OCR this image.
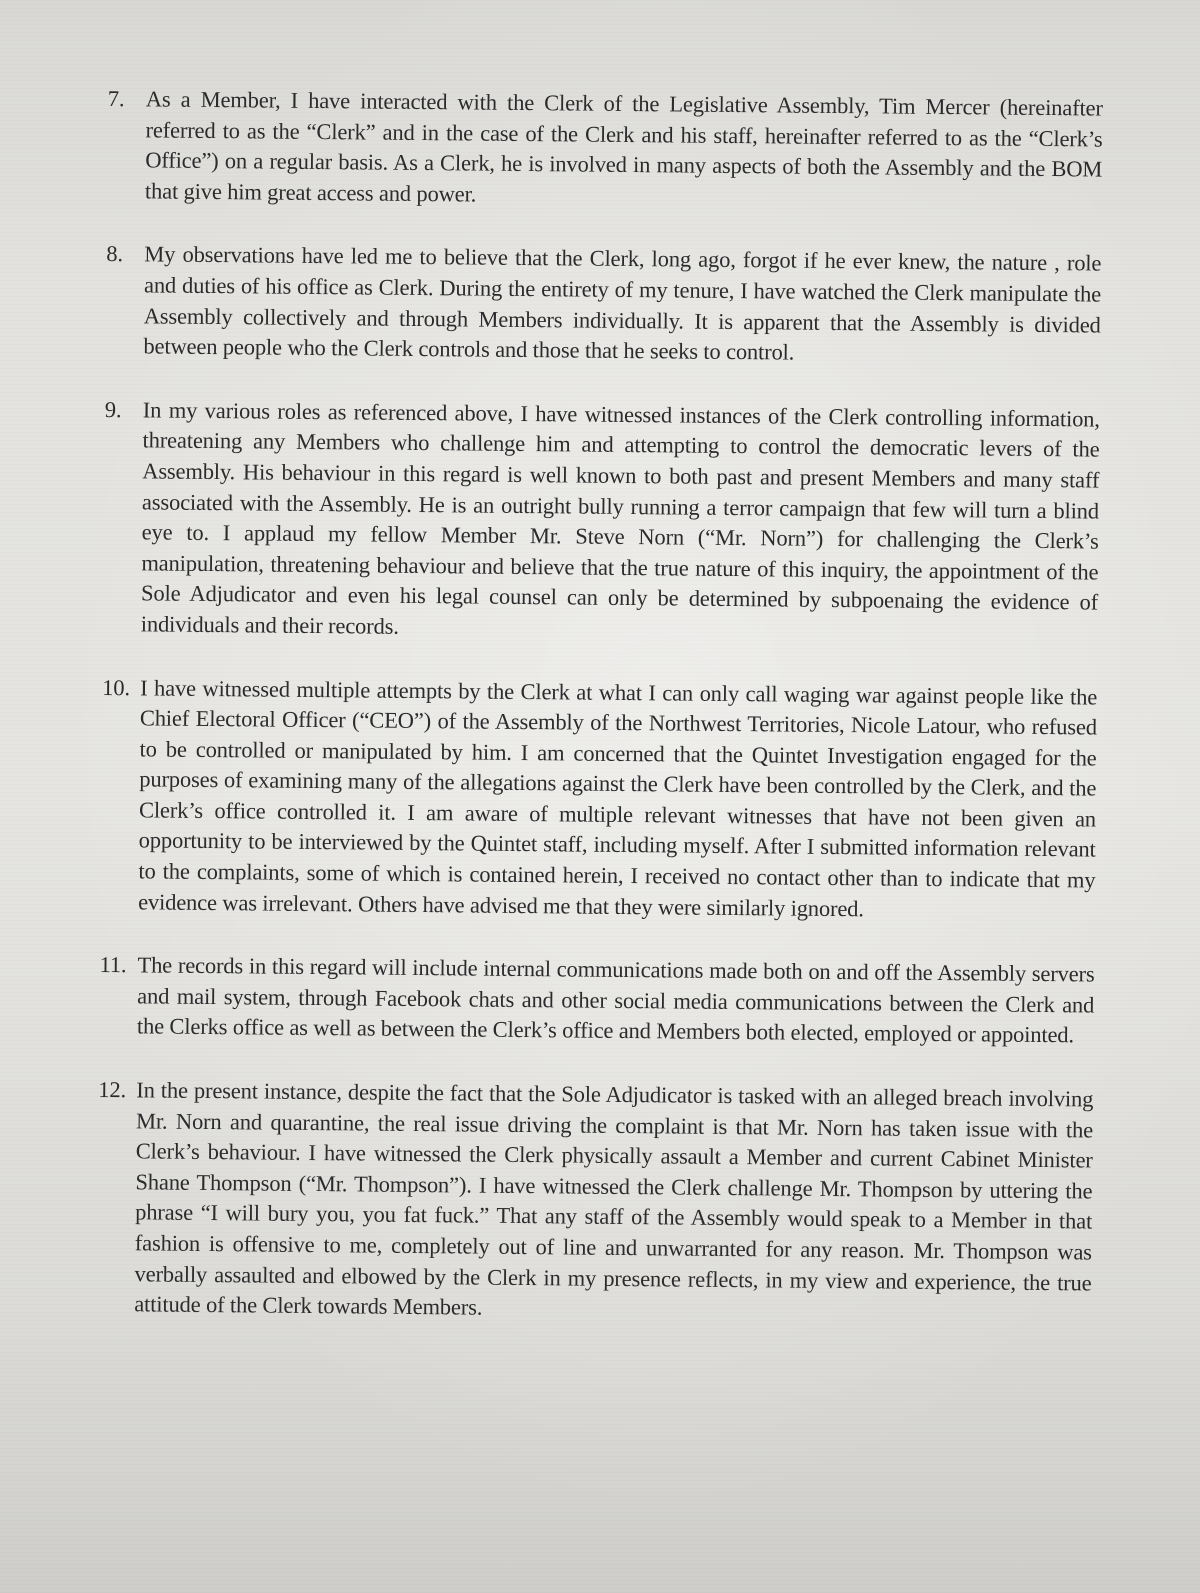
7. As a Member, I have interacted with the Clerk of the Legislative Assembly, Tim Mercer (hereinafter referred to as the “Clerk” and in the case of the Clerk and his staff, hereinafter referred to as the “Clerk’s Office”) on a regular basis. As a Clerk, he is involved in many aspects of both the Assembly and the BOM that give him great access and power.
8. My observations have led me to believe that the Clerk, long ago, forgot if he ever knew, the nature , role and duties of his office as Clerk. During the entirety of my tenure, I have watched the Clerk manipulate the Assembly collectively and through Members individually. It is apparent that the Assembly is divided between people who the Clerk controls and those that he seeks to control.
9. In my various roles as referenced above, I have witnessed instances of the Clerk controlling information, threatening any Members who challenge him and attempting to control the democratic levers of the Assembly. His behaviour in this regard is well known to both past and present Members and many staff associated with the Assembly. He is an outright bully running a terror campaign that few will turn a blind eye to. I applaud my fellow Member Mr. Steve Norn (“Mr. Norn”) for challenging the Clerk’s manipulation, threatening behaviour and believe that the true nature of this inquiry, the appointment of the Sole Adjudicator and even his legal counsel can only be determined by subpoenaing the evidence of individuals and their records.
10. I have witnessed multiple attempts by the Clerk at what I can only call waging war against people like the Chief Electoral Officer (“CEO”) of the Assembly of the Northwest Territories, Nicole Latour, who refused to be controlled or manipulated by him. I am concerned that the Quintet Investigation engaged for the purposes of examining many of the allegations against the Clerk have been controlled by the Clerk, and the Clerk’s office controlled it. I am aware of multiple relevant witnesses that have not been given an opportunity to be interviewed by the Quintet staff, including myself. After I submitted information relevant to the complaints, some of which is contained herein, I received no contact other than to indicate that my evidence was irrelevant. Others have advised me that they were similarly ignored.
11. The records in this regard will include internal communications made both on and off the Assembly servers and mail system, through Facebook chats and other social media communications between the Clerk and the Clerks office as well as between the Clerk’s office and Members both elected, employed or appointed.
12. In the present instance, despite the fact that the Sole Adjudicator is tasked with an alleged breach involving Mr. Norn and quarantine, the real issue driving the complaint is that Mr. Norn has taken issue with the Clerk’s behaviour. I have witnessed the Clerk physically assault a Member and current Cabinet Minister Shane Thompson (“Mr. Thompson”). I have witnessed the Clerk challenge Mr. Thompson by uttering the phrase “I will bury you, you fat fuck.” That any staff of the Assembly would speak to a Member in that fashion is offensive to me, completely out of line and unwarranted for any reason. Mr. Thompson was verbally assaulted and elbowed by the Clerk in my presence reflects, in my view and experience, the true attitude of the Clerk towards Members.
